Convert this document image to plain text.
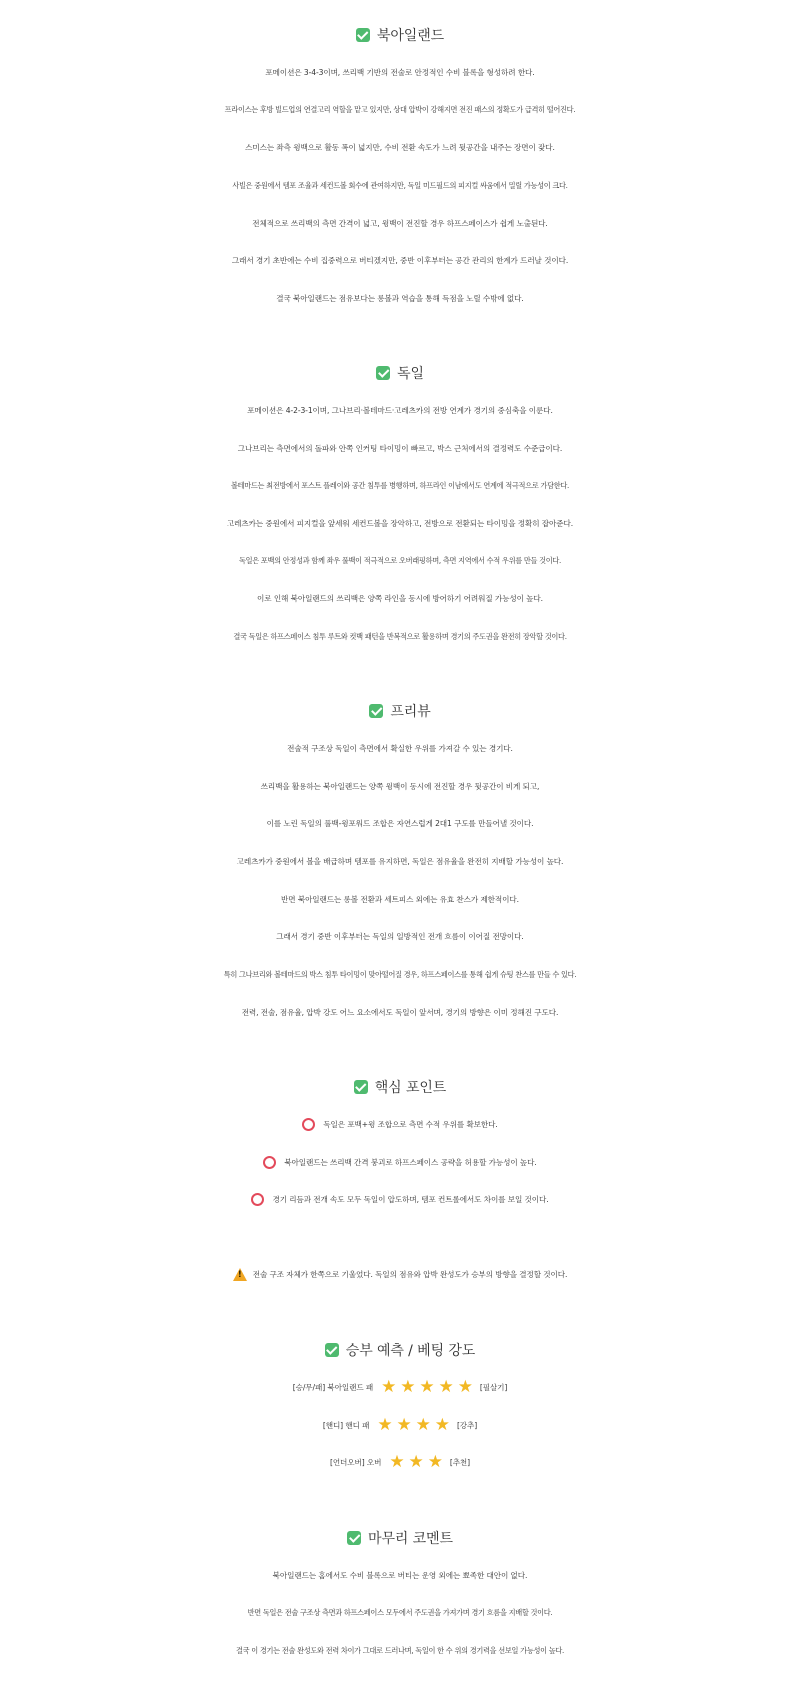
북아일랜드
포메이션은 3-4-3이며, 쓰리백 기반의 전술로 안정적인 수비 블록을 형성하려 한다.
프라이스는 후방 빌드업의 연결고리 역할을 맡고 있지만, 상대 압박이 강해지면 전진 패스의 정확도가 급격히 떨어진다.
스미스는 좌측 윙백으로 활동 폭이 넓지만, 수비 전환 속도가 느려 뒷공간을 내주는 장면이 잦다.
사빌은 중원에서 템포 조율과 세컨드볼 회수에 관여하지만, 독일 미드필드의 피지컬 싸움에서 밀릴 가능성이 크다.
전체적으로 쓰리백의 측면 간격이 넓고, 윙백이 전진할 경우 하프스페이스가 쉽게 노출된다.
그래서 경기 초반에는 수비 집중력으로 버티겠지만, 중반 이후부터는 공간 관리의 한계가 드러날 것이다.
결국 북아일랜드는 점유보다는 롱볼과 역습을 통해 득점을 노릴 수밖에 없다.
독일
포메이션은 4-2-3-1이며, 그나브리·볼테마드·고레츠카의 전방 연계가 경기의 중심축을 이룬다.
그나브리는 측면에서의 돌파와 안쪽 인커팅 타이밍이 빠르고, 박스 근처에서의 결정력도 수준급이다.
볼테마드는 최전방에서 포스트 플레이와 공간 침투를 병행하며, 하프라인 이남에서도 연계에 적극적으로 가담한다.
고레츠카는 중원에서 피지컬을 앞세워 세컨드볼을 장악하고, 전방으로 전환되는 타이밍을 정확히 잡아준다.
독일은 포백의 안정성과 함께 좌우 풀백이 적극적으로 오버래핑하며, 측면 지역에서 수적 우위를 만들 것이다.
이로 인해 북아일랜드의 쓰리백은 양쪽 라인을 동시에 방어하기 어려워질 가능성이 높다.
결국 독일은 하프스페이스 침투 루트와 컷백 패턴을 반복적으로 활용하며 경기의 주도권을 완전히 장악할 것이다.
프리뷰
전술적 구조상 독일이 측면에서 확실한 우위를 가져갈 수 있는 경기다.
쓰리백을 활용하는 북아일랜드는 양쪽 윙백이 동시에 전진할 경우 뒷공간이 비게 되고,
이를 노린 독일의 풀백-윙포워드 조합은 자연스럽게 2대1 구도를 만들어낼 것이다.
고레츠카가 중원에서 볼을 배급하며 템포를 유지하면, 독일은 점유율을 완전히 지배할 가능성이 높다.
반면 북아일랜드는 롱볼 전환과 세트피스 외에는 유효 찬스가 제한적이다.
그래서 경기 중반 이후부터는 독일의 일방적인 전개 흐름이 이어질 전망이다.
특히 그나브리와 볼테마드의 박스 침투 타이밍이 맞아떨어질 경우, 하프스페이스를 통해 쉽게 슈팅 찬스를 만들 수 있다.
전력, 전술, 점유율, 압박 강도 어느 요소에서도 독일이 앞서며, 경기의 방향은 이미 정해진 구도다.
핵심 포인트
독일은 포백+윙 조합으로 측면 수적 우위를 확보한다.
북아일랜드는 쓰리백 간격 붕괴로 하프스페이스 공략을 허용할 가능성이 높다.
경기 리듬과 전개 속도 모두 독일이 압도하며, 템포 컨트롤에서도 차이를 보일 것이다.
!
전술 구조 자체가 한쪽으로 기울었다. 독일의 점유와 압박 완성도가 승부의 방향을 결정할 것이다.
승부 예측 / 베팅 강도
[승/무/패] 북아일랜드 패 ★ ★ ★ ★ ★ [필살기]
[핸디] 핸디 패 ★ ★ ★ ★ [강추]
[언더오버] 오버 ★ ★ ★ [추천]
마무리 코멘트
북아일랜드는 홈에서도 수비 블록으로 버티는 운영 외에는 뾰족한 대안이 없다.
반면 독일은 전술 구조상 측면과 하프스페이스 모두에서 주도권을 가져가며 경기 흐름을 지배할 것이다.
결국 이 경기는 전술 완성도와 전력 차이가 그대로 드러나며, 독일이 한 수 위의 경기력을 선보일 가능성이 높다.
